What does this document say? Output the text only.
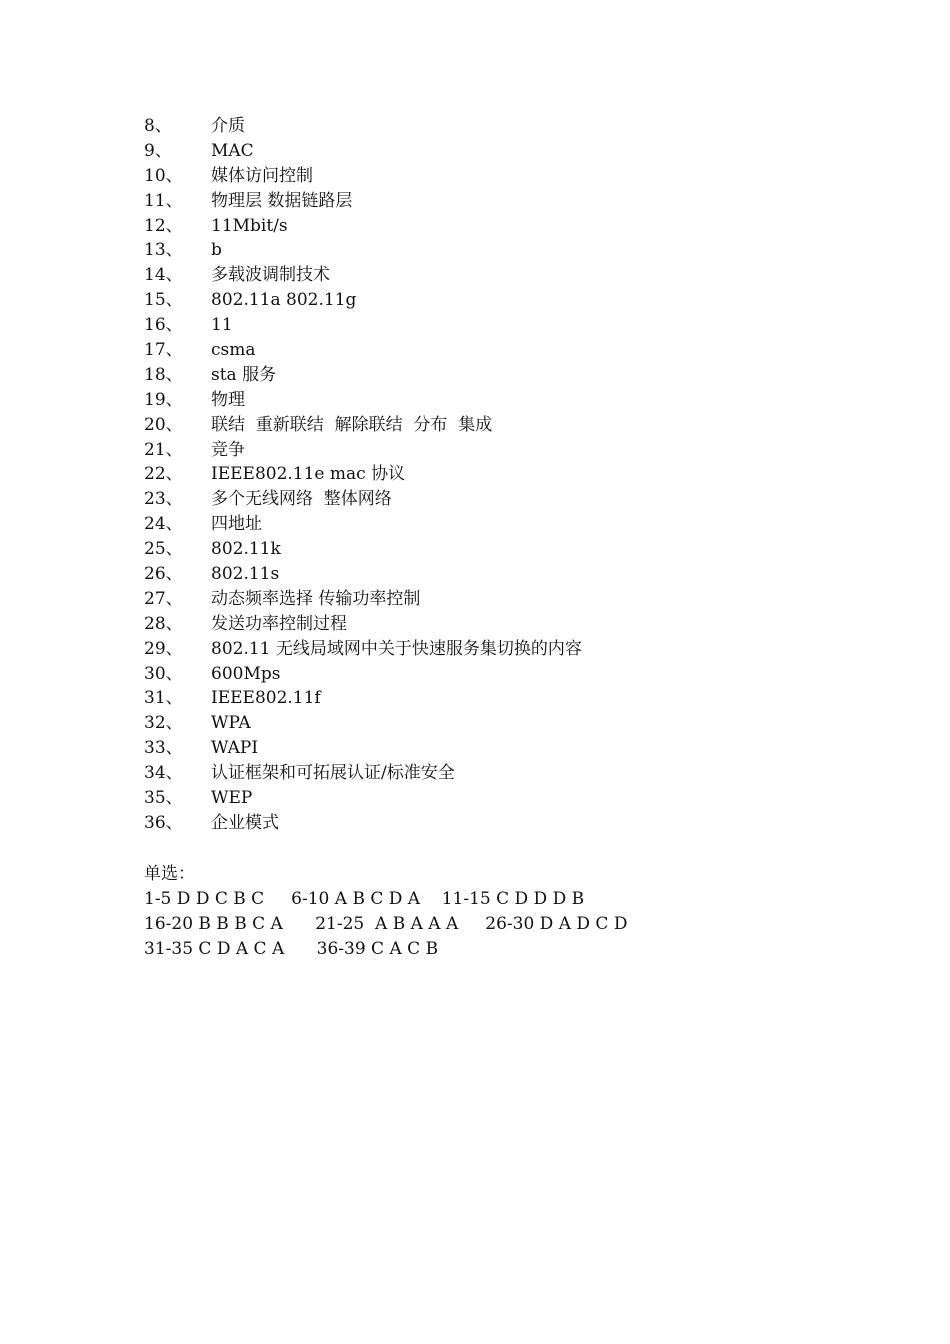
8、	介质
9、	MAC
10、	媒体访问控制
11、	物理层 数据链路层
12、	11Mbit/s
13、	b
14、	多载波调制技术
15、	802.11a 802.11g
16、	11
17、	csma
18、	sta 服务
19、	物理
20、	联结  重新联结  解除联结  分布  集成
21、	竞争
22、	IEEE802.11e mac 协议
23、	多个无线网络  整体网络
24、	四地址
25、	802.11k
26、	802.11s
27、	动态频率选择 传输功率控制
28、	发送功率控制过程
29、	802.11 无线局域网中关于快速服务集切换的内容
30、	600Mps
31、	IEEE802.11f
32、	WPA
33、	WAPI
34、	认证框架和可拓展认证/标准安全
35、	WEP
36、	企业模式
单选：
1-5 D D C B C     6-10 A B C D A    11-15 C D D D B
16-20 B B B C A      21-25  A B A A A     26-30 D A D C D
31-35 C D A C A      36-39 C A C B
